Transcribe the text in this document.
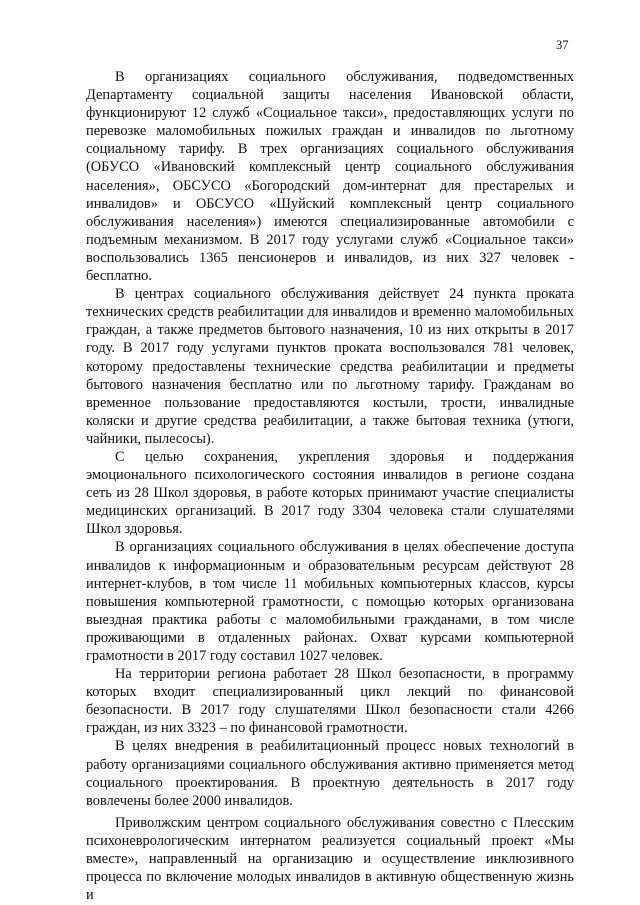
37

В организациях социального обслуживания, подведомственных Департаменту социальной защиты населения Ивановской области, функционируют 12 служб «Социальное такси», предоставляющих услуги по перевозке маломобильных пожилых граждан и инвалидов по льготному социальному тарифу. В трех организациях социального обслуживания (ОБУСО «Ивановский комплексный центр социального обслуживания населения», ОБСУСО «Богородский дом-интернат для престарелых и инвалидов» и ОБСУСО «Шуйский комплексный центр социального обслуживания населения») имеются специализированные автомобили с подъемным механизмом. В 2017 году услугами служб «Социальное такси» воспользовались 1365 пенсионеров и инвалидов, из них 327 человек - бесплатно.

В центрах социального обслуживания действует 24 пункта проката технических средств реабилитации для инвалидов и временно маломобильных граждан, а также предметов бытового назначения, 10 из них открыты в 2017 году. В 2017 году услугами пунктов проката воспользовался 781 человек, которому предоставлены технические средства реабилитации и предметы бытового назначения бесплатно или по льготному тарифу. Гражданам во временное пользование предоставляются костыли, трости, инвалидные коляски и другие средства реабилитации, а также бытовая техника (утюги, чайники, пылесосы).

С целью сохранения, укрепления здоровья и поддержания эмоционального психологического состояния инвалидов в регионе создана сеть из 28 Школ здоровья, в работе которых принимают участие специалисты медицинских организаций. В 2017 году 3304 человека стали слушателями Школ здоровья.

В организациях социального обслуживания в целях обеспечение доступа инвалидов к информационным и образовательным ресурсам действуют 28 интернет-клубов, в том числе 11 мобильных компьютерных классов, курсы повышения компьютерной грамотности, с помощью которых организована выездная практика работы с маломобильными гражданами, в том числе проживающими в отдаленных районах. Охват курсами компьютерной грамотности в 2017 году составил 1027 человек.

На территории региона работает 28 Школ безопасности, в программу которых входит специализированный цикл лекций по финансовой безопасности. В 2017 году слушателями Школ безопасности стали 4266 граждан, из них 3323 – по финансовой грамотности.

В целях внедрения в реабилитационный процесс новых технологий в работу организациями социального обслуживания активно применяется метод социального проектирования. В проектную деятельность в 2017 году вовлечены более 2000 инвалидов.

Приволжским центром социального обслуживания совестно с Плесским психоневрологическим интернатом реализуется социальный проект «Мы вместе», направленный на организацию и осуществление инклюзивного процесса по включение молодых инвалидов в активную общественную жизнь и
